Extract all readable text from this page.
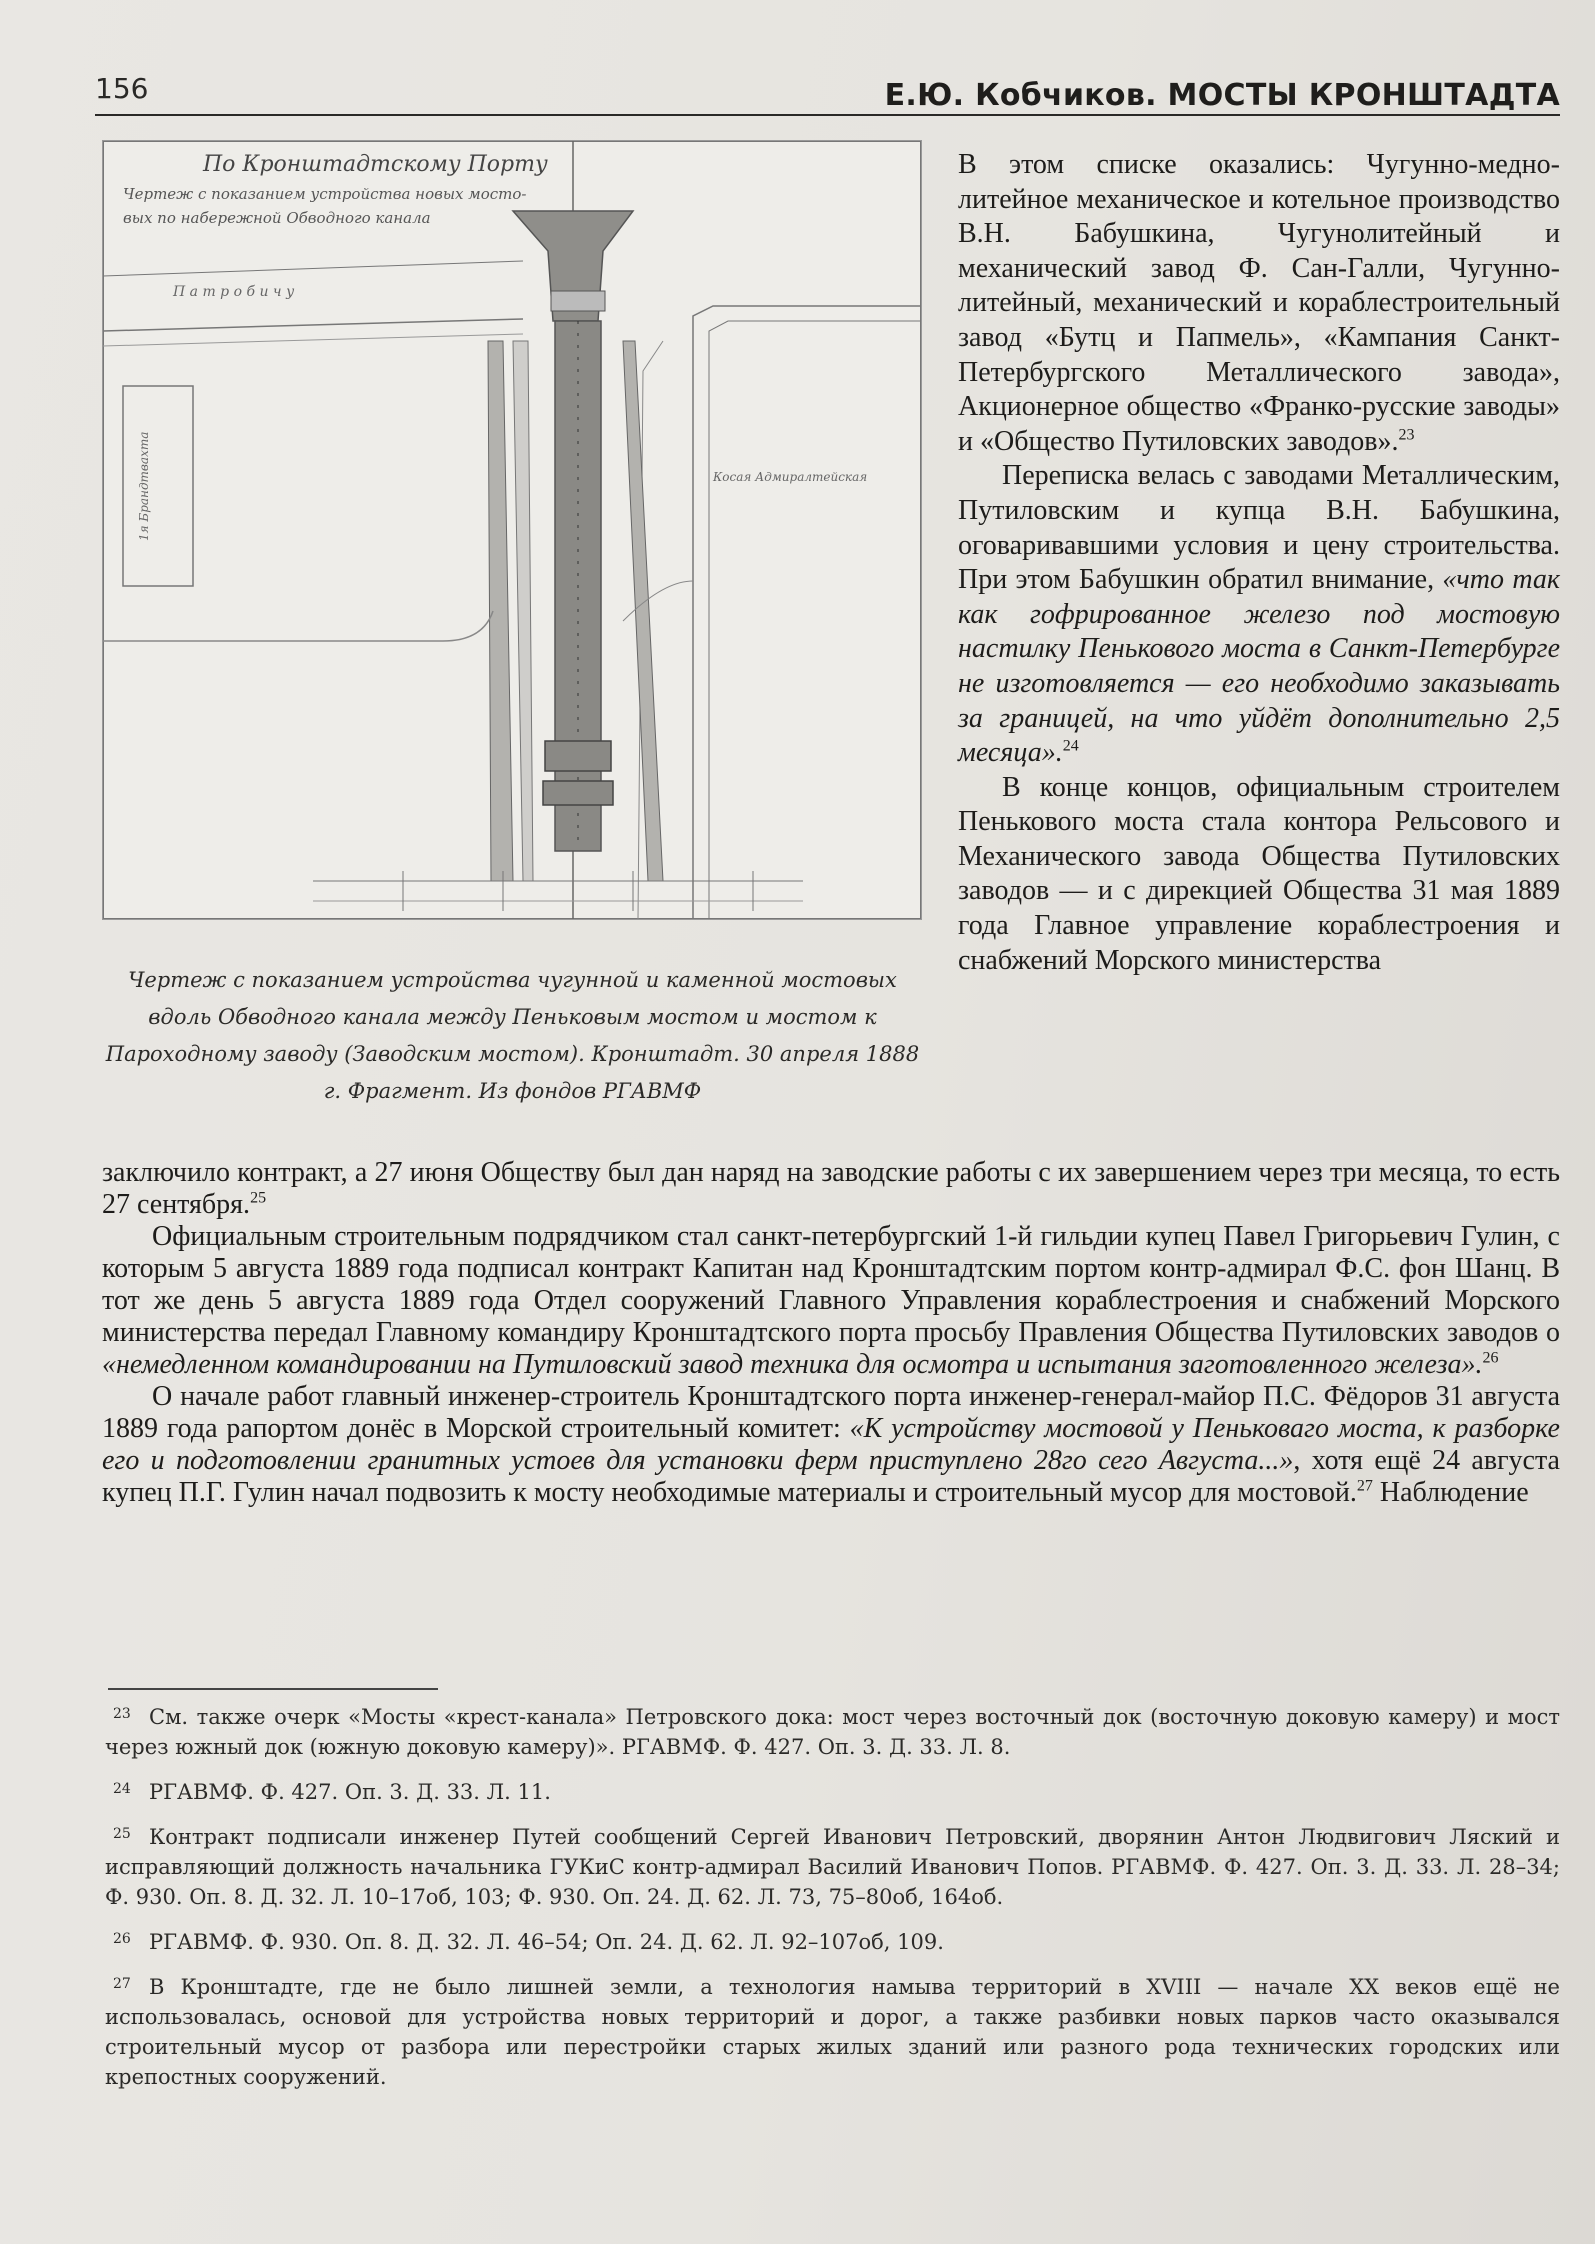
156	Е.Ю. Кобчиков. МОСТЫ КРОНШТАДТА
По Кронштадтскому Порту
Чертеж с показанием устройства новых мосто-
вых по набережной Обводного канала
П а т р о б и ч у
Косая Адмиралтейская
1я Брандтвахта
Чертеж с показанием устройства чугунной и каменной мостовых вдоль Обводного канала между Пеньковым мостом и мостом к Пароходному заводу (Заводским мостом). Кронштадт. 30 апреля 1888 г. Фрагмент. Из фондов РГАВМФ

В этом списке оказались: Чугунно-медно-литейное механическое и котельное производство В.Н. Бабушкина, Чугунолитейный и механический завод Ф. Сан-Галли, Чугунно-литейный, механический и кораблестроительный завод «Бутц и Папмель», «Кампания Санкт-Петербургского Металлического завода», Акционерное общество «Франко-русские заводы» и «Общество Путиловских заводов».$^{23}$

Переписка велась с заводами Металлическим, Путиловским и купца В.Н. Бабушкина, оговаривавшими условия и цену строительства. При этом Бабушкин обратил внимание, «что так как гофрированное железо под мостовую настилку Пенькового моста в Санкт-Петербурге не изготовляется — его необходимо заказывать за границей, на что уйдёт дополнительно 2,5 месяца».$^{24}$

В конце концов, официальным строителем Пенькового моста стала контора Рельсового и Механического завода Общества Путиловских заводов — и с дирекцией Общества 31 мая 1889 года Главное управление кораблестроения и снабжений Морского министерства

заключило контракт, а 27 июня Обществу был дан наряд на заводские работы с их завершением через три месяца, то есть 27 сентября.$^{25}$

Официальным строительным подрядчиком стал санкт-петербургский 1-й гильдии купец Павел Григорьевич Гулин, с которым 5 августа 1889 года подписал контракт Капитан над Кронштадтским портом контр-адмирал Ф.С. фон Шанц. В тот же день 5 августа 1889 года Отдел сооружений Главного Управления кораблестроения и снабжений Морского министерства передал Главному командиру Кронштадтского порта просьбу Правления Общества Путиловских заводов о «немедленном командировании на Путиловский завод техника для осмотра и испытания заготовленного железа».$^{26}$

О начале работ главный инженер-строитель Кронштадтского порта инженер-генерал-майор П.С. Фёдоров 31 августа 1889 года рапортом донёс в Морской строительный комитет: «К устройству мостовой у Пеньковаго моста, к разборке его и подготовлении гранитных устоев для установки ферм приступлено 28го сего Августа...», хотя ещё 24 августа купец П.Г. Гулин начал подвозить к мосту необходимые материалы и строительный мусор для мостовой.$^{27}$ Наблюдение

23 См. также очерк «Мосты «крест-канала» Петровского дока: мост через восточный док (восточную доковую камеру) и мост через южный док (южную доковую камеру)». РГАВМФ. Ф. 427. Оп. 3. Д. 33. Л. 8.
24 РГАВМФ. Ф. 427. Оп. 3. Д. 33. Л. 11.
25 Контракт подписали инженер Путей сообщений Сергей Иванович Петровский, дворянин Антон Людвигович Ляский и исправляющий должность начальника ГУКиС контр-адмирал Василий Иванович Попов. РГАВМФ. Ф. 427. Оп. 3. Д. 33. Л. 28–34; Ф. 930. Оп. 8. Д. 32. Л. 10–17об, 103; Ф. 930. Оп. 24. Д. 62. Л. 73, 75–80об, 164об.
26 РГАВМФ. Ф. 930. Оп. 8. Д. 32. Л. 46–54; Оп. 24. Д. 62. Л. 92–107об, 109.
27 В Кронштадте, где не было лишней земли, а технология намыва территорий в XVIII — начале XX веков ещё не использовалась, основой для устройства новых территорий и дорог, а также разбивки новых парков часто оказывался строительный мусор от разбора или перестройки старых жилых зданий или разного рода технических городских или крепостных сооружений.
